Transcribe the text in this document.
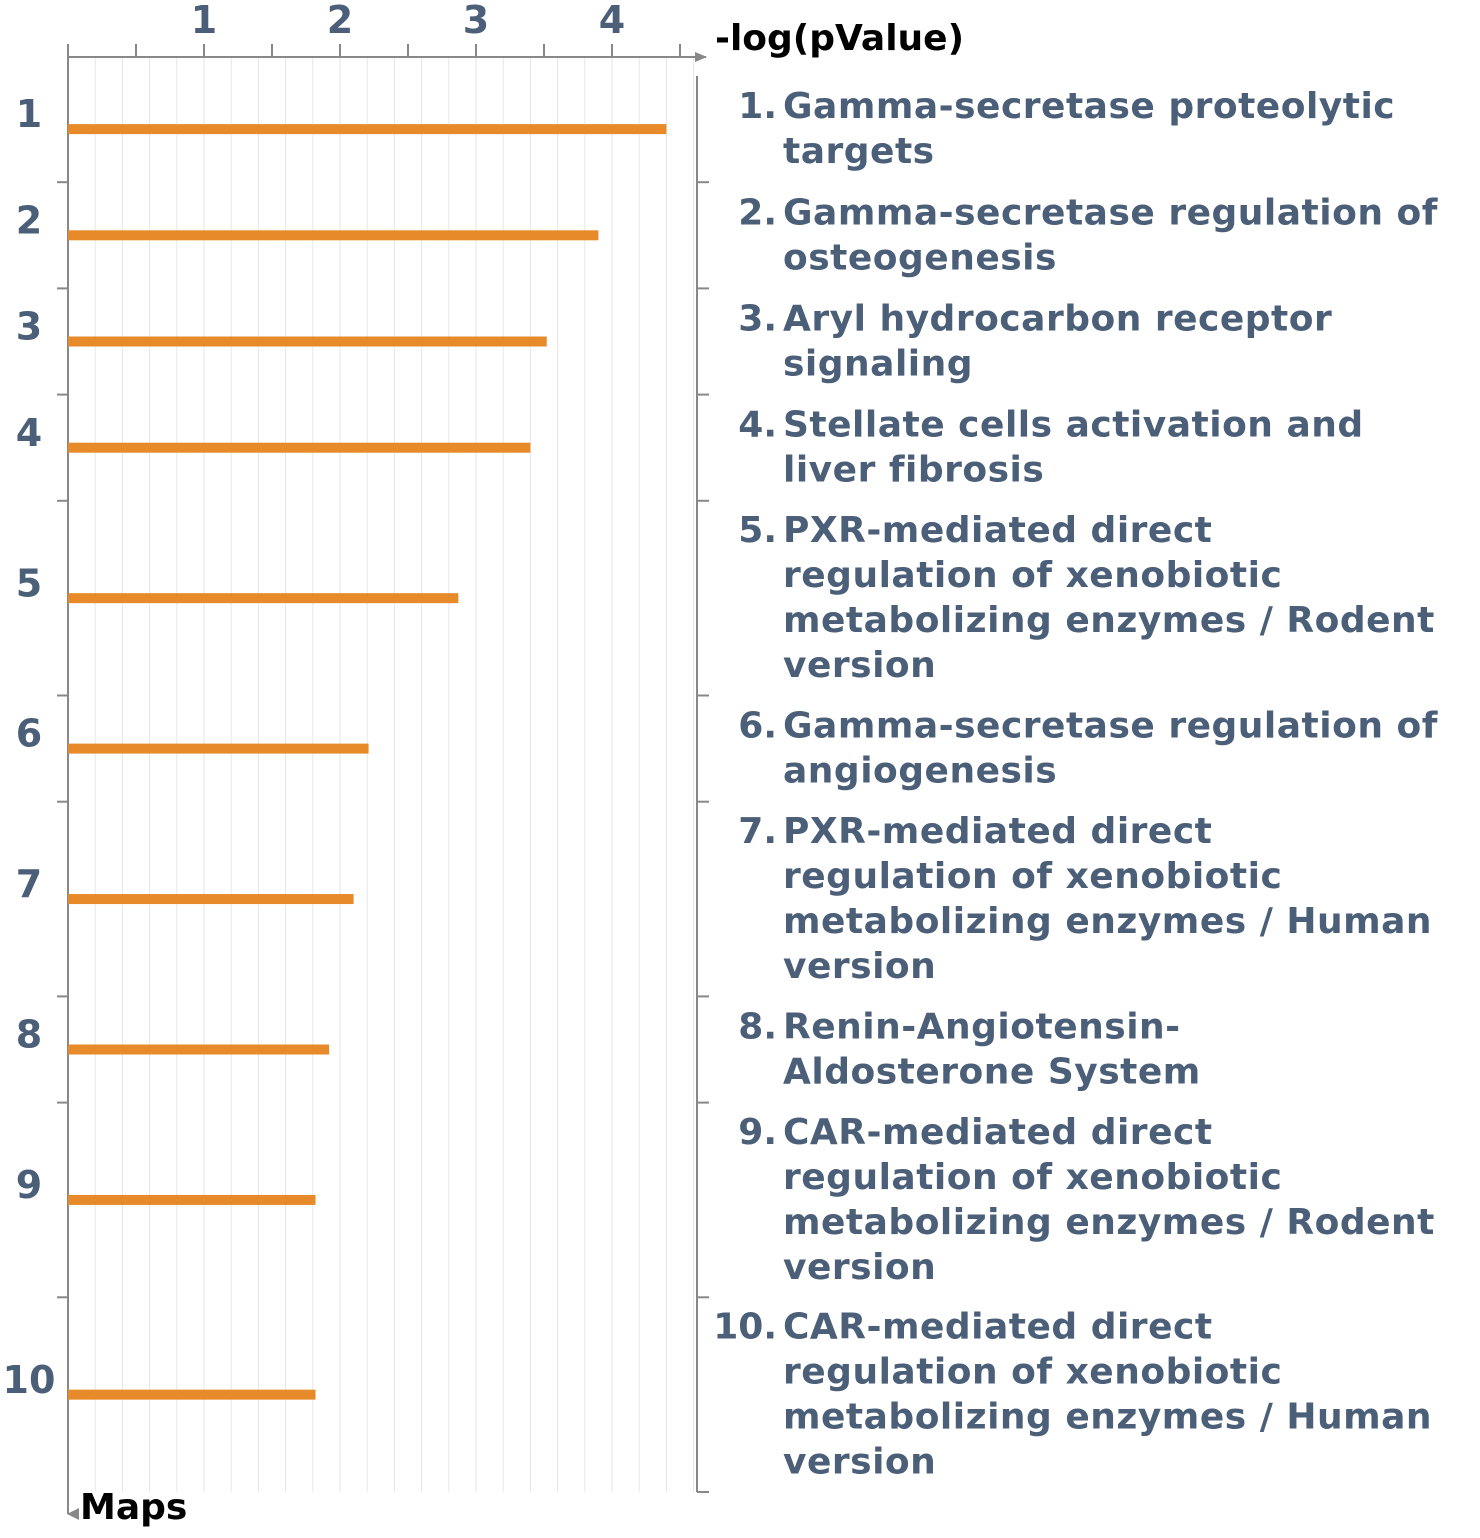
1	2	3	4
1
2
3
4
5
6
7
8
9
10
-log(pValue)
Maps
1. Gamma-secretase proteolytic
targets
2. Gamma-secretase regulation of
osteogenesis
3. Aryl hydrocarbon receptor
signaling
4. Stellate cells activation and
liver fibrosis
5. PXR-mediated direct
regulation of xenobiotic
metabolizing enzymes / Rodent
version
6. Gamma-secretase regulation of
angiogenesis
7. PXR-mediated direct
regulation of xenobiotic
metabolizing enzymes / Human
version
8. Renin-Angiotensin-
Aldosterone System
9. CAR-mediated direct
regulation of xenobiotic
metabolizing enzymes / Rodent
version
10. CAR-mediated direct
regulation of xenobiotic
metabolizing enzymes / Human
version
